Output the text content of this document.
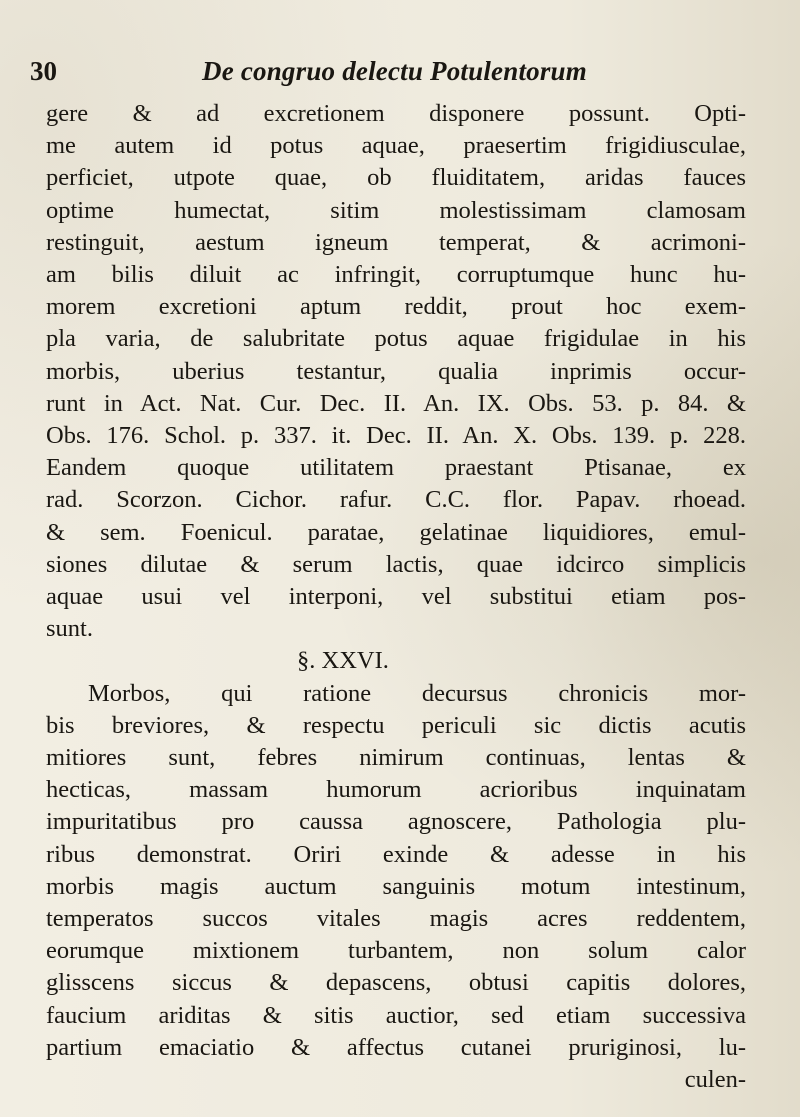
30	De congruo delectu Potulentorum
gere & ad excretionem disponere possunt. Opti-
me autem id potus aquae, praesertim frigidiusculae,
perficiet, utpote quae, ob fluiditatem, aridas fauces
optime humectat, sitim molestissimam clamosam
restinguit, aestum igneum temperat, & acrimoni-
am bilis diluit ac infringit, corruptumque hunc hu-
morem excretioni aptum reddit, prout hoc exem-
pla varia, de salubritate potus aquae frigidulae in his
morbis, uberius testantur, qualia inprimis occur-
runt in Act. Nat. Cur. Dec. II. An. IX. Obs. 53. p. 84. &
Obs. 176. Schol. p. 337. it. Dec. II. An. X. Obs. 139. p. 228.
Eandem quoque utilitatem praestant Ptisanae, ex
rad. Scorzon. Cichor. rafur. C.C. flor. Papav. rhoead.
& sem. Foenicul. paratae, gelatinae liquidiores, emul-
siones dilutae & serum lactis, quae idcirco simplicis
aquae usui vel interponi, vel substitui etiam pos-
sunt.
§. XXVI.
Morbos, qui ratione decursus chronicis mor-
bis breviores, & respectu periculi sic dictis acutis
mitiores sunt, febres nimirum continuas, lentas &
hecticas, massam humorum acrioribus inquinatam
impuritatibus pro caussa agnoscere, Pathologia plu-
ribus demonstrat. Oriri exinde & adesse in his
morbis magis auctum sanguinis motum intestinum,
temperatos succos vitales magis acres reddentem,
eorumque mixtionem turbantem, non solum calor
glisscens siccus & depascens, obtusi capitis dolores,
faucium ariditas & sitis auctior, sed etiam successiva
partium emaciatio & affectus cutanei pruriginosi, lu-
culen-
